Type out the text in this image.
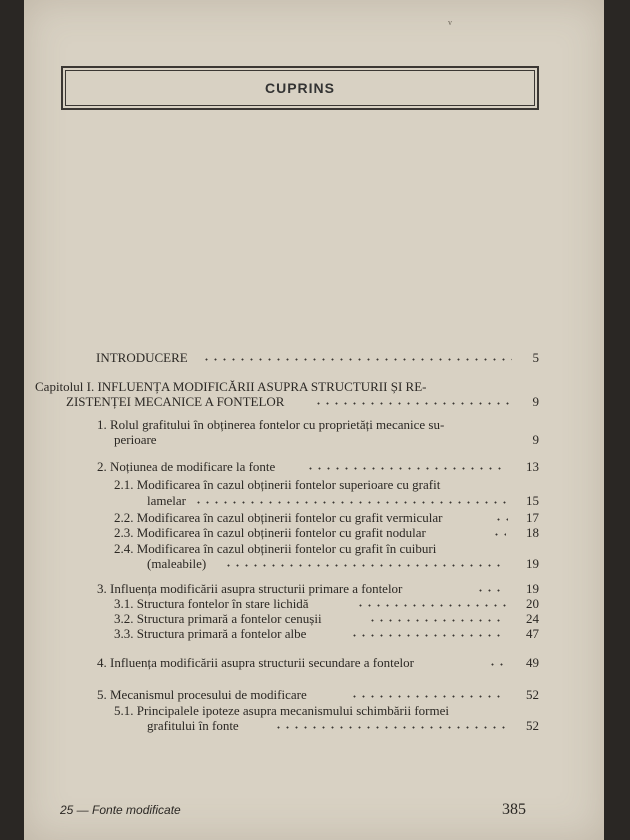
v
CUPRINS
INTRODUCERE	5
Capitolul I. INFLUENȚA MODIFICĂRII ASUPRA STRUCTURII ȘI RE-
ZISTENȚEI MECANICE A FONTELOR	9
1. Rolul grafitului în obținerea fontelor cu proprietăți mecanice su-
perioare	9
2. Noțiunea de modificare la fonte	13
2.1. Modificarea în cazul obținerii fontelor superioare cu grafit
lamelar	15
2.2. Modificarea în cazul obținerii fontelor cu grafit vermicular	17
2.3. Modificarea în cazul obținerii fontelor cu grafit nodular	18
2.4. Modificarea în cazul obținerii fontelor cu grafit în cuiburi
(maleabile)	19
3. Influența modificării asupra structurii primare a fontelor	19
3.1. Structura fontelor în stare lichidă	20
3.2. Structura primară a fontelor cenușii	24
3.3. Structura primară a fontelor albe	47
4. Influența modificării asupra structurii secundare a fontelor	49
5. Mecanismul procesului de modificare	52
5.1. Principalele ipoteze asupra mecanismului schimbării formei
grafitului în fonte	52
25 — Fonte modificate	385
